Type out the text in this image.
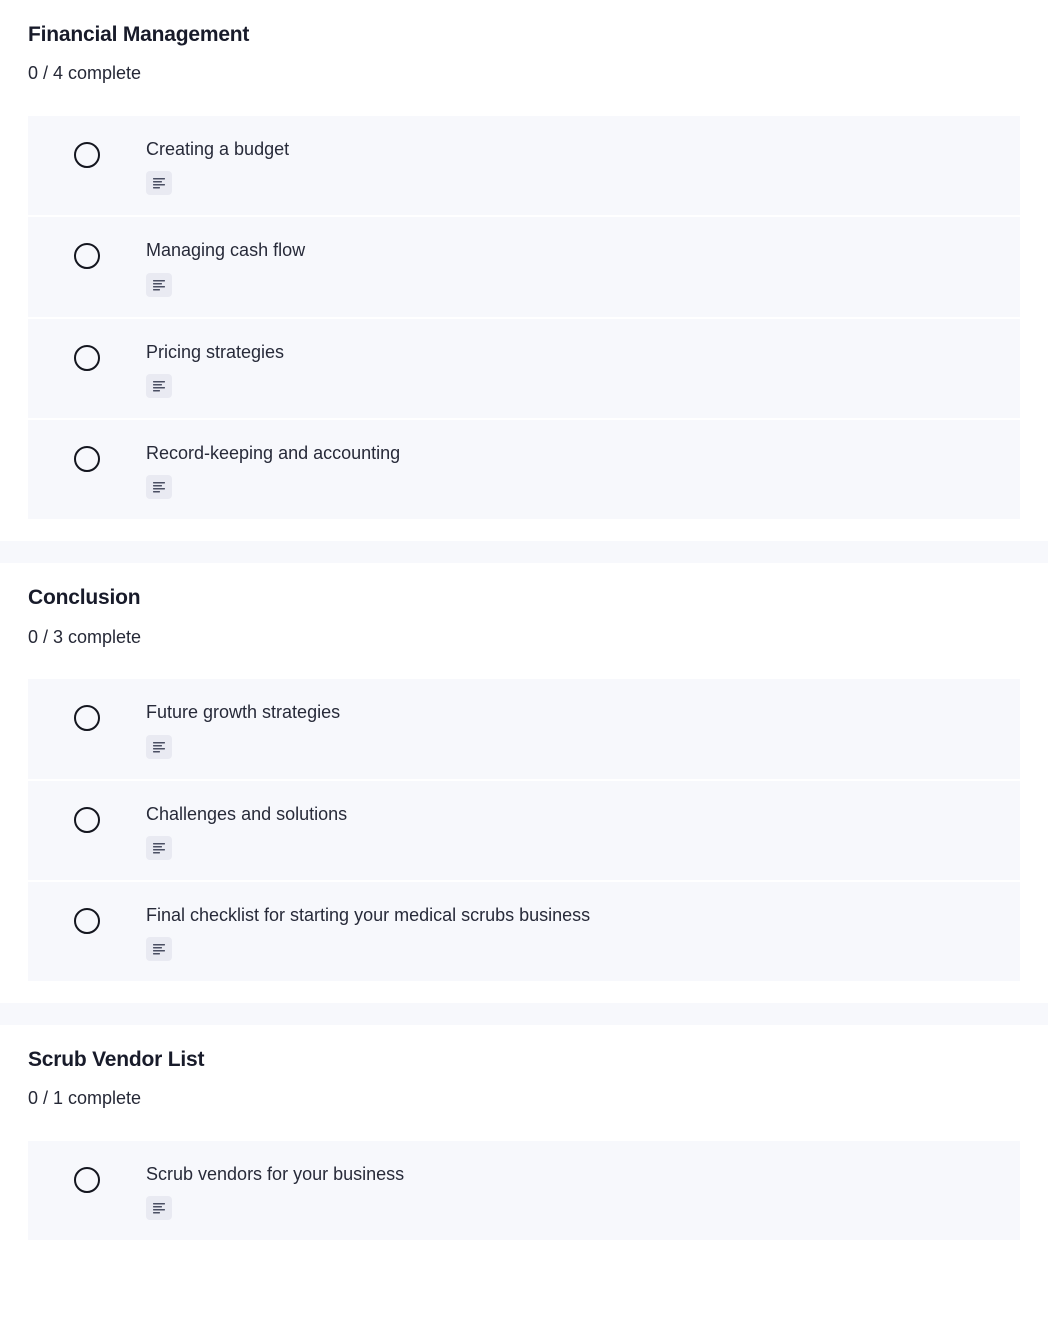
Financial Management
0 / 4 complete
Creating a budget
Managing cash flow
Pricing strategies
Record-keeping and accounting
Conclusion
0 / 3 complete
Future growth strategies
Challenges and solutions
Final checklist for starting your medical scrubs business
Scrub Vendor List
0 / 1 complete
Scrub vendors for your business
